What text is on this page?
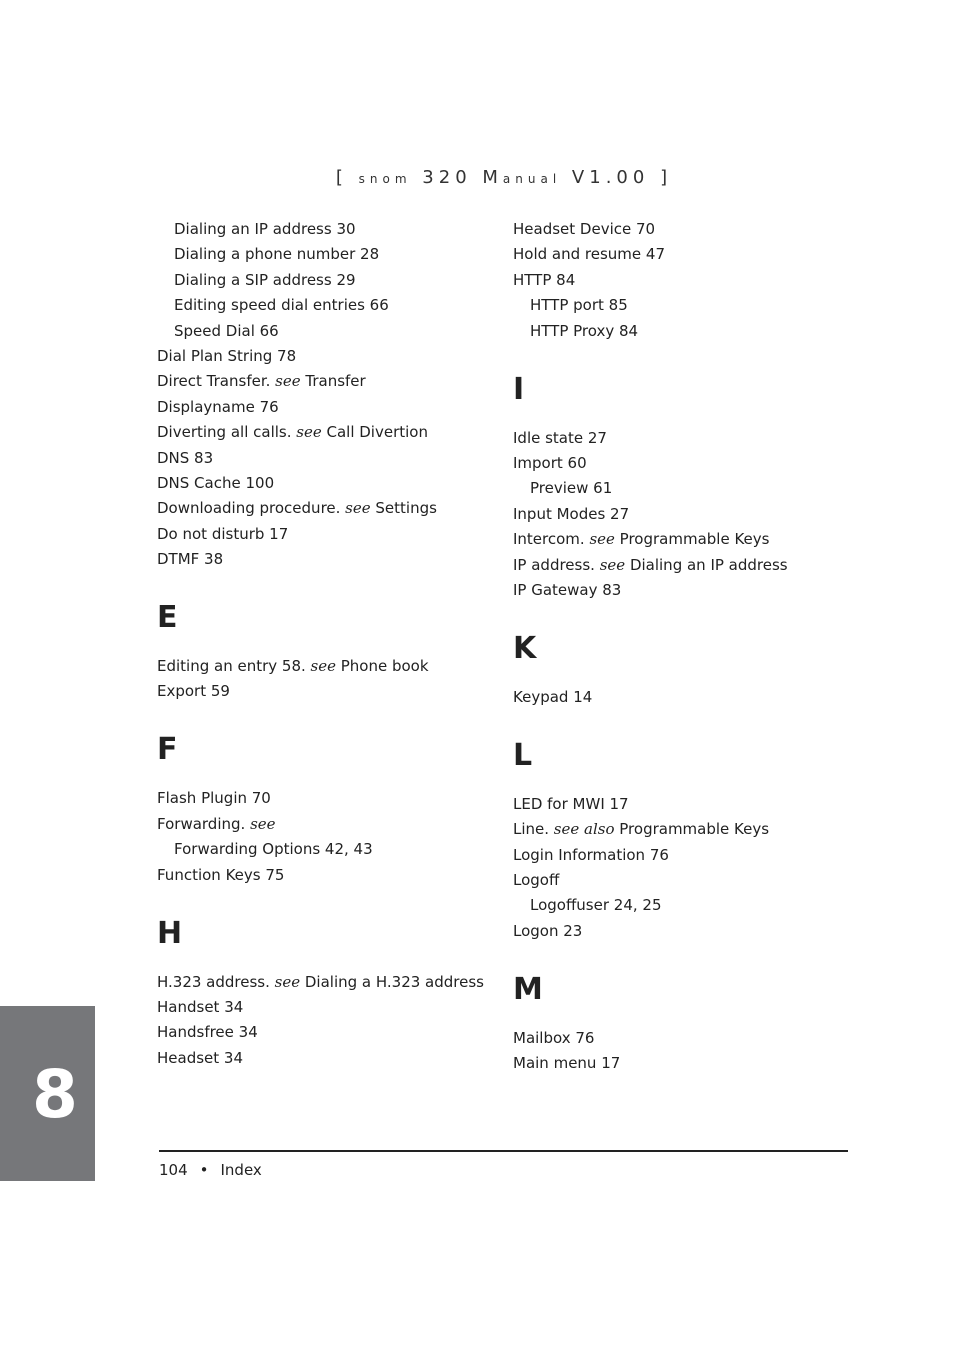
[ snom 320 Manual V1.00 ]
Dialing an IP address 30
Dialing a phone number 28
Dialing a SIP address 29
Editing speed dial entries 66
Speed Dial 66
Dial Plan String 78
Direct Transfer. see Transfer
Displayname 76
Diverting all calls. see Call Divertion
DNS 83
DNS Cache 100
Downloading procedure. see Settings
Do not disturb 17
DTMF 38
E
Editing an entry 58. see Phone book
Export 59
F
Flash Plugin 70
Forwarding. see
Forwarding Options 42, 43
Function Keys 75
H
H.323 address. see Dialing a H.323 address
Handset 34
Handsfree 34
Headset 34
Headset Device 70
Hold and resume 47
HTTP 84
HTTP port 85
HTTP Proxy 84
I
Idle state 27
Import 60
Preview 61
Input Modes 27
Intercom. see Programmable Keys
IP address. see Dialing an IP address
IP Gateway 83
K
Keypad 14
L
LED for MWI 17
Line. see also Programmable Keys
Login Information 76
Logoff
Logoffuser 24, 25
Logon 23
M
Mailbox 76
Main menu 17
8
104 • Index
